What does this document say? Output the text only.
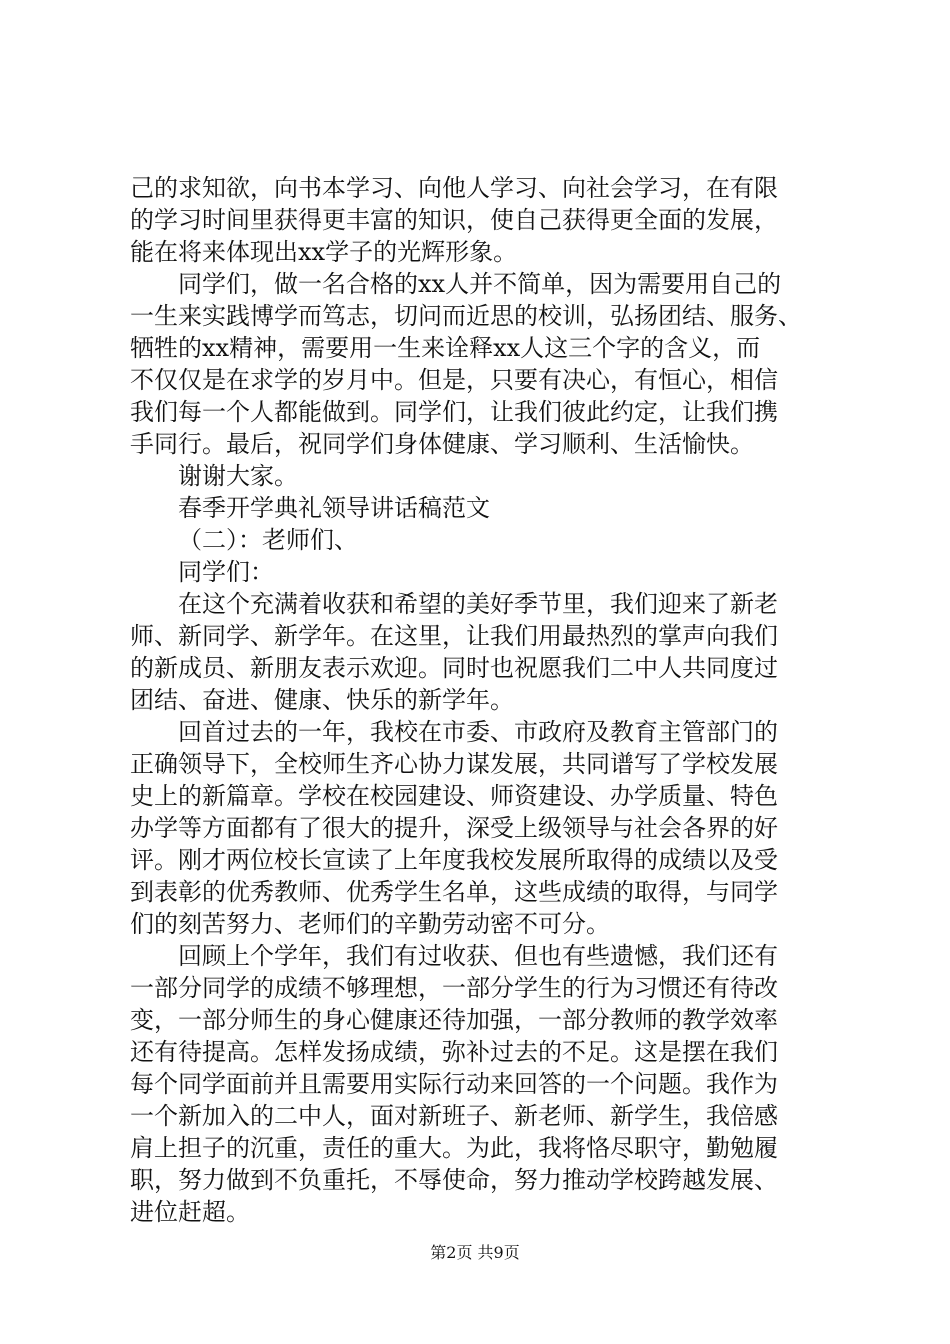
己的求知欲，向书本学习、向他人学习、向社会学习，在有限
的学习时间里获得更丰富的知识，使自己获得更全面的发展，
能在将来体现出xx学子的光辉形象。
同学们，做一名合格的xx人并不简单，因为需要用自己的
一生来实践博学而笃志，切问而近思的校训，弘扬团结、服务、
牺牲的xx精神，需要用一生来诠释xx人这三个字的含义，而
不仅仅是在求学的岁月中。但是，只要有决心，有恒心，相信
我们每一个人都能做到。同学们，让我们彼此约定，让我们携
手同行。最后，祝同学们身体健康、学习顺利、生活愉快。
谢谢大家。
春季开学典礼领导讲话稿范文
（二）：老师们、
同学们：
在这个充满着收获和希望的美好季节里，我们迎来了新老
师、新同学、新学年。在这里，让我们用最热烈的掌声向我们
的新成员、新朋友表示欢迎。同时也祝愿我们二中人共同度过
团结、奋进、健康、快乐的新学年。
回首过去的一年，我校在市委、市政府及教育主管部门的
正确领导下，全校师生齐心协力谋发展，共同谱写了学校发展
史上的新篇章。学校在校园建设、师资建设、办学质量、特色
办学等方面都有了很大的提升，深受上级领导与社会各界的好
评。刚才两位校长宣读了上年度我校发展所取得的成绩以及受
到表彰的优秀教师、优秀学生名单，这些成绩的取得，与同学
们的刻苦努力、老师们的辛勤劳动密不可分。
回顾上个学年，我们有过收获、但也有些遗憾，我们还有
一部分同学的成绩不够理想，一部分学生的行为习惯还有待改
变，一部分师生的身心健康还待加强，一部分教师的教学效率
还有待提高。怎样发扬成绩，弥补过去的不足。这是摆在我们
每个同学面前并且需要用实际行动来回答的一个问题。我作为
一个新加入的二中人，面对新班子、新老师、新学生，我倍感
肩上担子的沉重，责任的重大。为此，我将恪尽职守，勤勉履
职，努力做到不负重托，不辱使命，努力推动学校跨越发展、
进位赶超。
第2页 共9页
